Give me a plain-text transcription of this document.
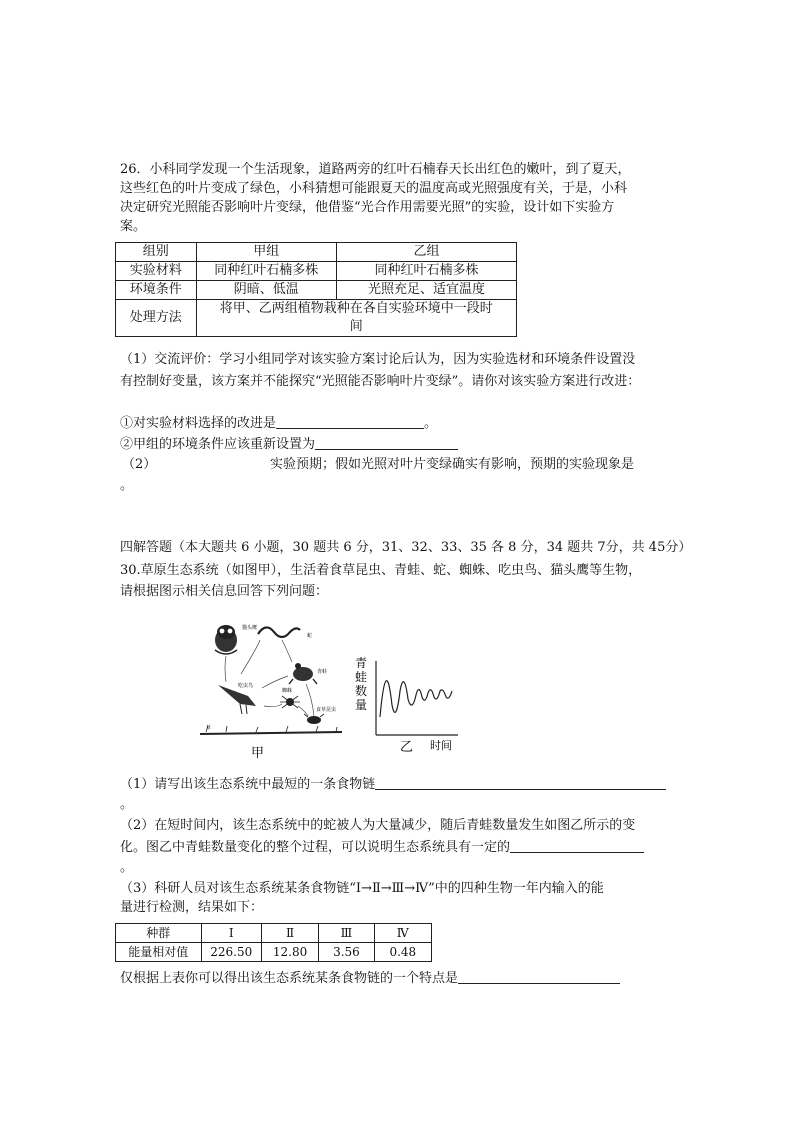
26．小科同学发现一个生活现象，道路两旁的红叶石楠春天长出红色的嫩叶，到了夏天，
这些红色的叶片变成了绿色，小科猜想可能跟夏天的温度高或光照强度有关，于是，小科
决定研究光照能否影响叶片变绿，他借鉴“光合作用需要光照”的实验，设计如下实验方
案。
组别	甲组	乙组
实验材料	同种红叶石楠多株	同种红叶石楠多株
环境条件	阴暗、低温	光照充足、适宜温度
处理方法	将甲、乙两组植物栽种在各自实验环境中一段时
间	
（1）交流评价：学习小组同学对该实验方案讨论后认为，因为实验选材和环境条件设置没
有控制好变量，该方案并不能探究“光照能否影响叶片变绿”。请你对该实验方案进行改进：
①对实验材料选择的改进是	。
②甲组的环境条件应该重新设置为
（2）	实验预期；假如光照对叶片变绿确实有影响，预期的实验现象是
。
四解答题（本大题共 6 小题，30 题共 6 分，31、32、33、35 各 8 分，34 题共 7分，共 45分）
30.草原生态系统（如图甲），生活着食草昆虫、青蛙、蛇、蜘蛛、吃虫鸟、猫头鹰等生物，
请根据图示相关信息回答下列问题：
猫头鹰
蛇
青蛙
吃虫鸟
蜘蛛
食草昆虫
草
甲
青
蛙
数
量
乙 时间
（1）请写出该生态系统中最短的一条食物链
。
（2）在短时间内，该生态系统中的蛇被人为大量减少，随后青蛙数量发生如图乙所示的变
化。图乙中青蛙数量变化的整个过程，可以说明生态系统具有一定的
。
（3）科研人员对该生态系统某条食物链“Ⅰ→Ⅱ→Ⅲ→Ⅳ”中的四种生物一年内输入的能
量进行检测，结果如下：
种群	Ⅰ	Ⅱ	Ⅲ	Ⅳ
能量相对值	226.50	12.80	3.56	0.48
仅根据上表你可以得出该生态系统某条食物链的一个特点是
